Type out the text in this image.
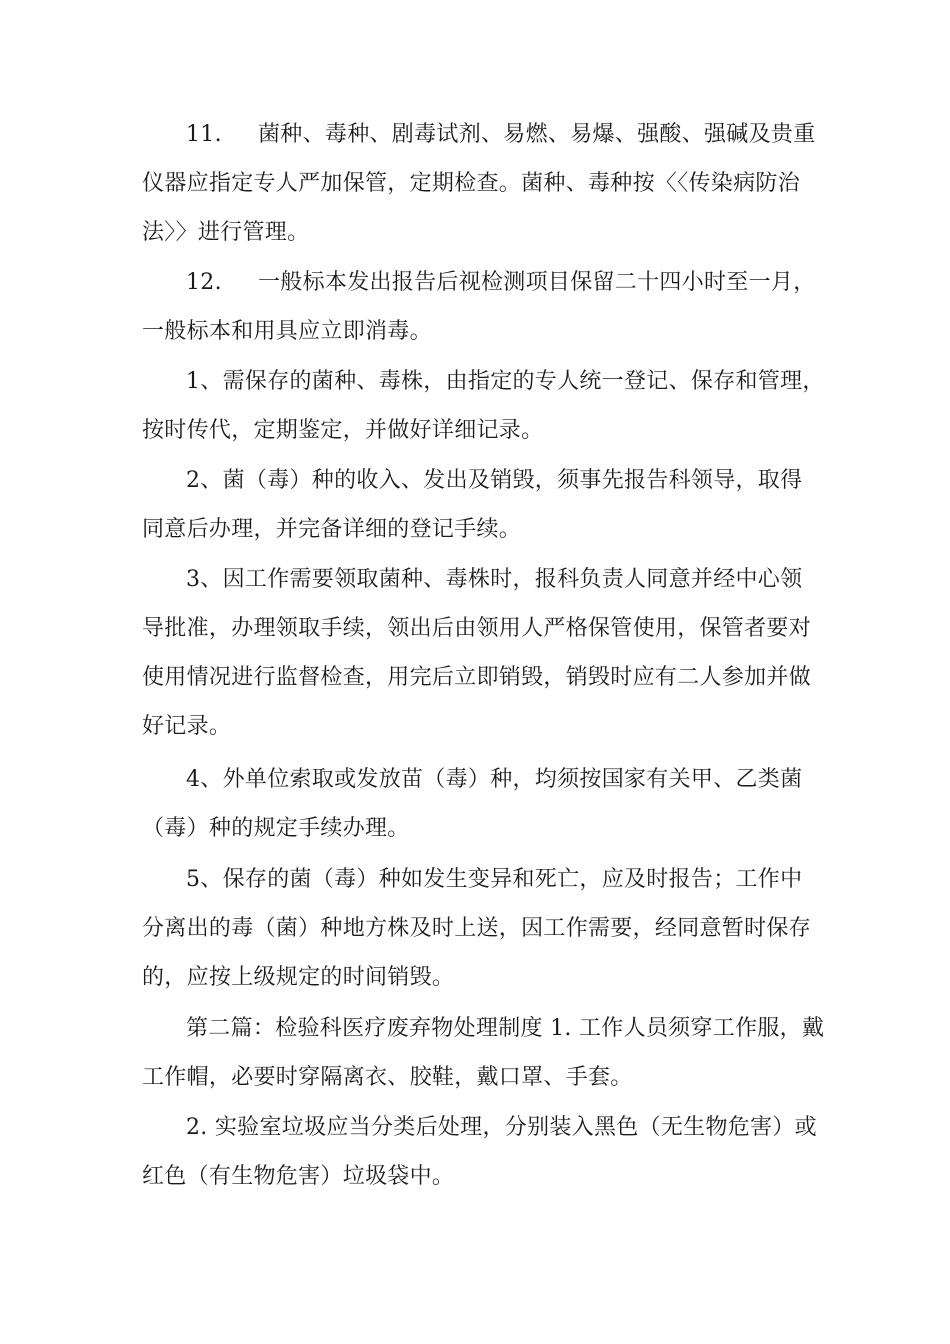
11. 菌种、毒种、剧毒试剂、易燃、易爆、强酸、强碱及贵重
仪器应指定专人严加保管，定期检查。菌种、毒种按〈〈传染病防治
法〉〉进行管理。

12. 一般标本发出报告后视检测项目保留二十四小时至一月，
一般标本和用具应立即消毒。

1、需保存的菌种、毒株，由指定的专人统一登记、保存和管理，
按时传代，定期鉴定，并做好详细记录。

2、菌（毒）种的收入、发出及销毁，须事先报告科领导，取得
同意后办理，并完备详细的登记手续。

3、因工作需要领取菌种、毒株时，报科负责人同意并经中心领
导批准，办理领取手续，领出后由领用人严格保管使用，保管者要对
使用情况进行监督检查，用完后立即销毁，销毁时应有二人参加并做
好记录。

4、外单位索取或发放苗（毒）种，均须按国家有关甲、乙类菌
（毒）种的规定手续办理。

5、保存的菌（毒）种如发生变异和死亡，应及时报告；工作中
分离出的毒（菌）种地方株及时上送，因工作需要，经同意暂时保存
的，应按上级规定的时间销毁。

第二篇：检验科医疗废弃物处理制度 1. 工作人员须穿工作服，戴
工作帽，必要时穿隔离衣、胶鞋，戴口罩、手套。

2. 实验室垃圾应当分类后处理，分别装入黑色（无生物危害）或
红色（有生物危害）垃圾袋中。
